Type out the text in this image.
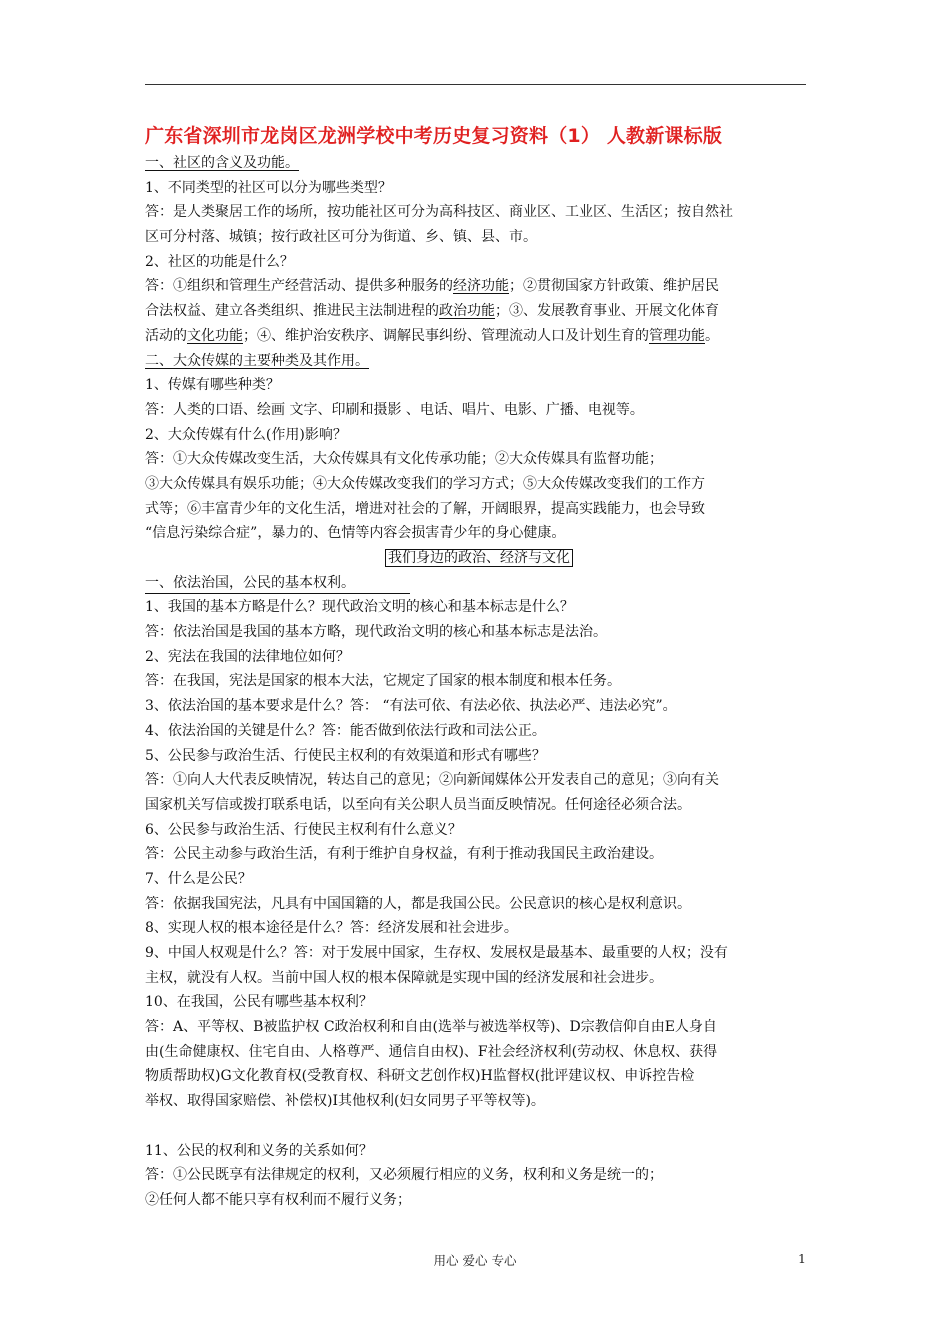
广东省深圳市龙岗区龙洲学校中考历史复习资料（1） 人教新课标版
一、社区的含义及功能。
1、不同类型的社区可以分为哪些类型？
答：是人类聚居工作的场所，按功能社区可分为高科技区、商业区、工业区、生活区；按自然社
区可分村落、城镇；按行政社区可分为街道、乡、镇、县、市。
2、社区的功能是什么？
答：①组织和管理生产经营活动、提供多种服务的经济功能；②贯彻国家方针政策、维护居民
合法权益、建立各类组织、推进民主法制进程的政治功能；③、发展教育事业、开展文化体育
活动的文化功能；④、维护治安秩序、调解民事纠纷、管理流动人口及计划生育的管理功能。
二、大众传媒的主要种类及其作用。
1、传媒有哪些种类？
答：人类的口语、绘画 文字、印刷和摄影 、电话、唱片、电影、广播、电视等。
2、大众传媒有什么(作用)影响？
答：①大众传媒改变生活，大众传媒具有文化传承功能；②大众传媒具有监督功能；
③大众传媒具有娱乐功能；④大众传媒改变我们的学习方式；⑤大众传媒改变我们的工作方
式等；⑥丰富青少年的文化生活，增进对社会的了解，开阔眼界，提高实践能力，也会导致
“信息污染综合症”，暴力的、色情等内容会损害青少年的身心健康。
我们身边的政治、经济与文化
一、依法治国，公民的基本权利。
1、我国的基本方略是什么？现代政治文明的核心和基本标志是什么？
答：依法治国是我国的基本方略，现代政治文明的核心和基本标志是法治。
2、宪法在我国的法律地位如何？
答：在我国，宪法是国家的根本大法，它规定了国家的根本制度和根本任务。
3、依法治国的基本要求是什么？答： “有法可依、有法必依、执法必严、违法必究”。
4、依法治国的关键是什么？答：能否做到依法行政和司法公正。
5、公民参与政治生活、行使民主权利的有效渠道和形式有哪些？
答：①向人大代表反映情况，转达自己的意见；②向新闻媒体公开发表自己的意见；③向有关
国家机关写信或拨打联系电话，以至向有关公职人员当面反映情况。任何途径必须合法。
6、公民参与政治生活、行使民主权利有什么意义？
答：公民主动参与政治生活，有利于维护自身权益，有利于推动我国民主政治建设。
7、什么是公民？
答：依据我国宪法，凡具有中国国籍的人，都是我国公民。公民意识的核心是权利意识。
8、实现人权的根本途径是什么？答：经济发展和社会进步。
9、中国人权观是什么？答：对于发展中国家，生存权、发展权是最基本、最重要的人权；没有
主权，就没有人权。当前中国人权的根本保障就是实现中国的经济发展和社会进步。
10、在我国，公民有哪些基本权利？
答：A、平等权、B被监护权 C政治权利和自由(选举与被选举权等)、D宗教信仰自由E人身自
由(生命健康权、住宅自由、人格尊严、通信自由权)、F社会经济权利(劳动权、休息权、获得
物质帮助权)G文化教育权(受教育权、科研文艺创作权)H监督权(批评建议权、申诉控告检
举权、取得国家赔偿、补偿权)I其他权利(妇女同男子平等权等)。
11、公民的权利和义务的关系如何？
答：①公民既享有法律规定的权利，又必须履行相应的义务，权利和义务是统一的；
②任何人都不能只享有权利而不履行义务；
用心 爱心 专心	1
